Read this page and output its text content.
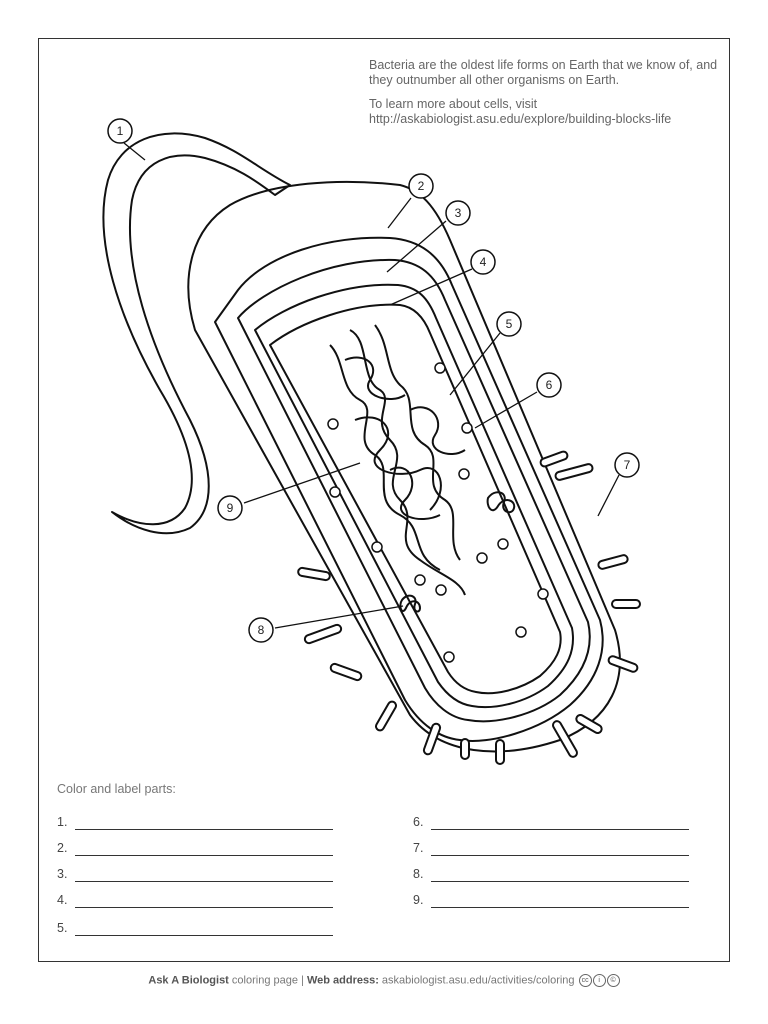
Bacteria are the oldest life forms on Earth that we know of, and they outnumber all other organisms on Earth.

To learn more about cells, visit
http://askabiologist.asu.edu/explore/building-blocks-life
1
2
3
4
5
6
7
8
9
Color and label parts:
1.
2.
3.
4.
5.
6.
7.
8.
9.
Ask A Biologist coloring page | Web address: askabiologist.asu.edu/activities/coloring cc i ©
